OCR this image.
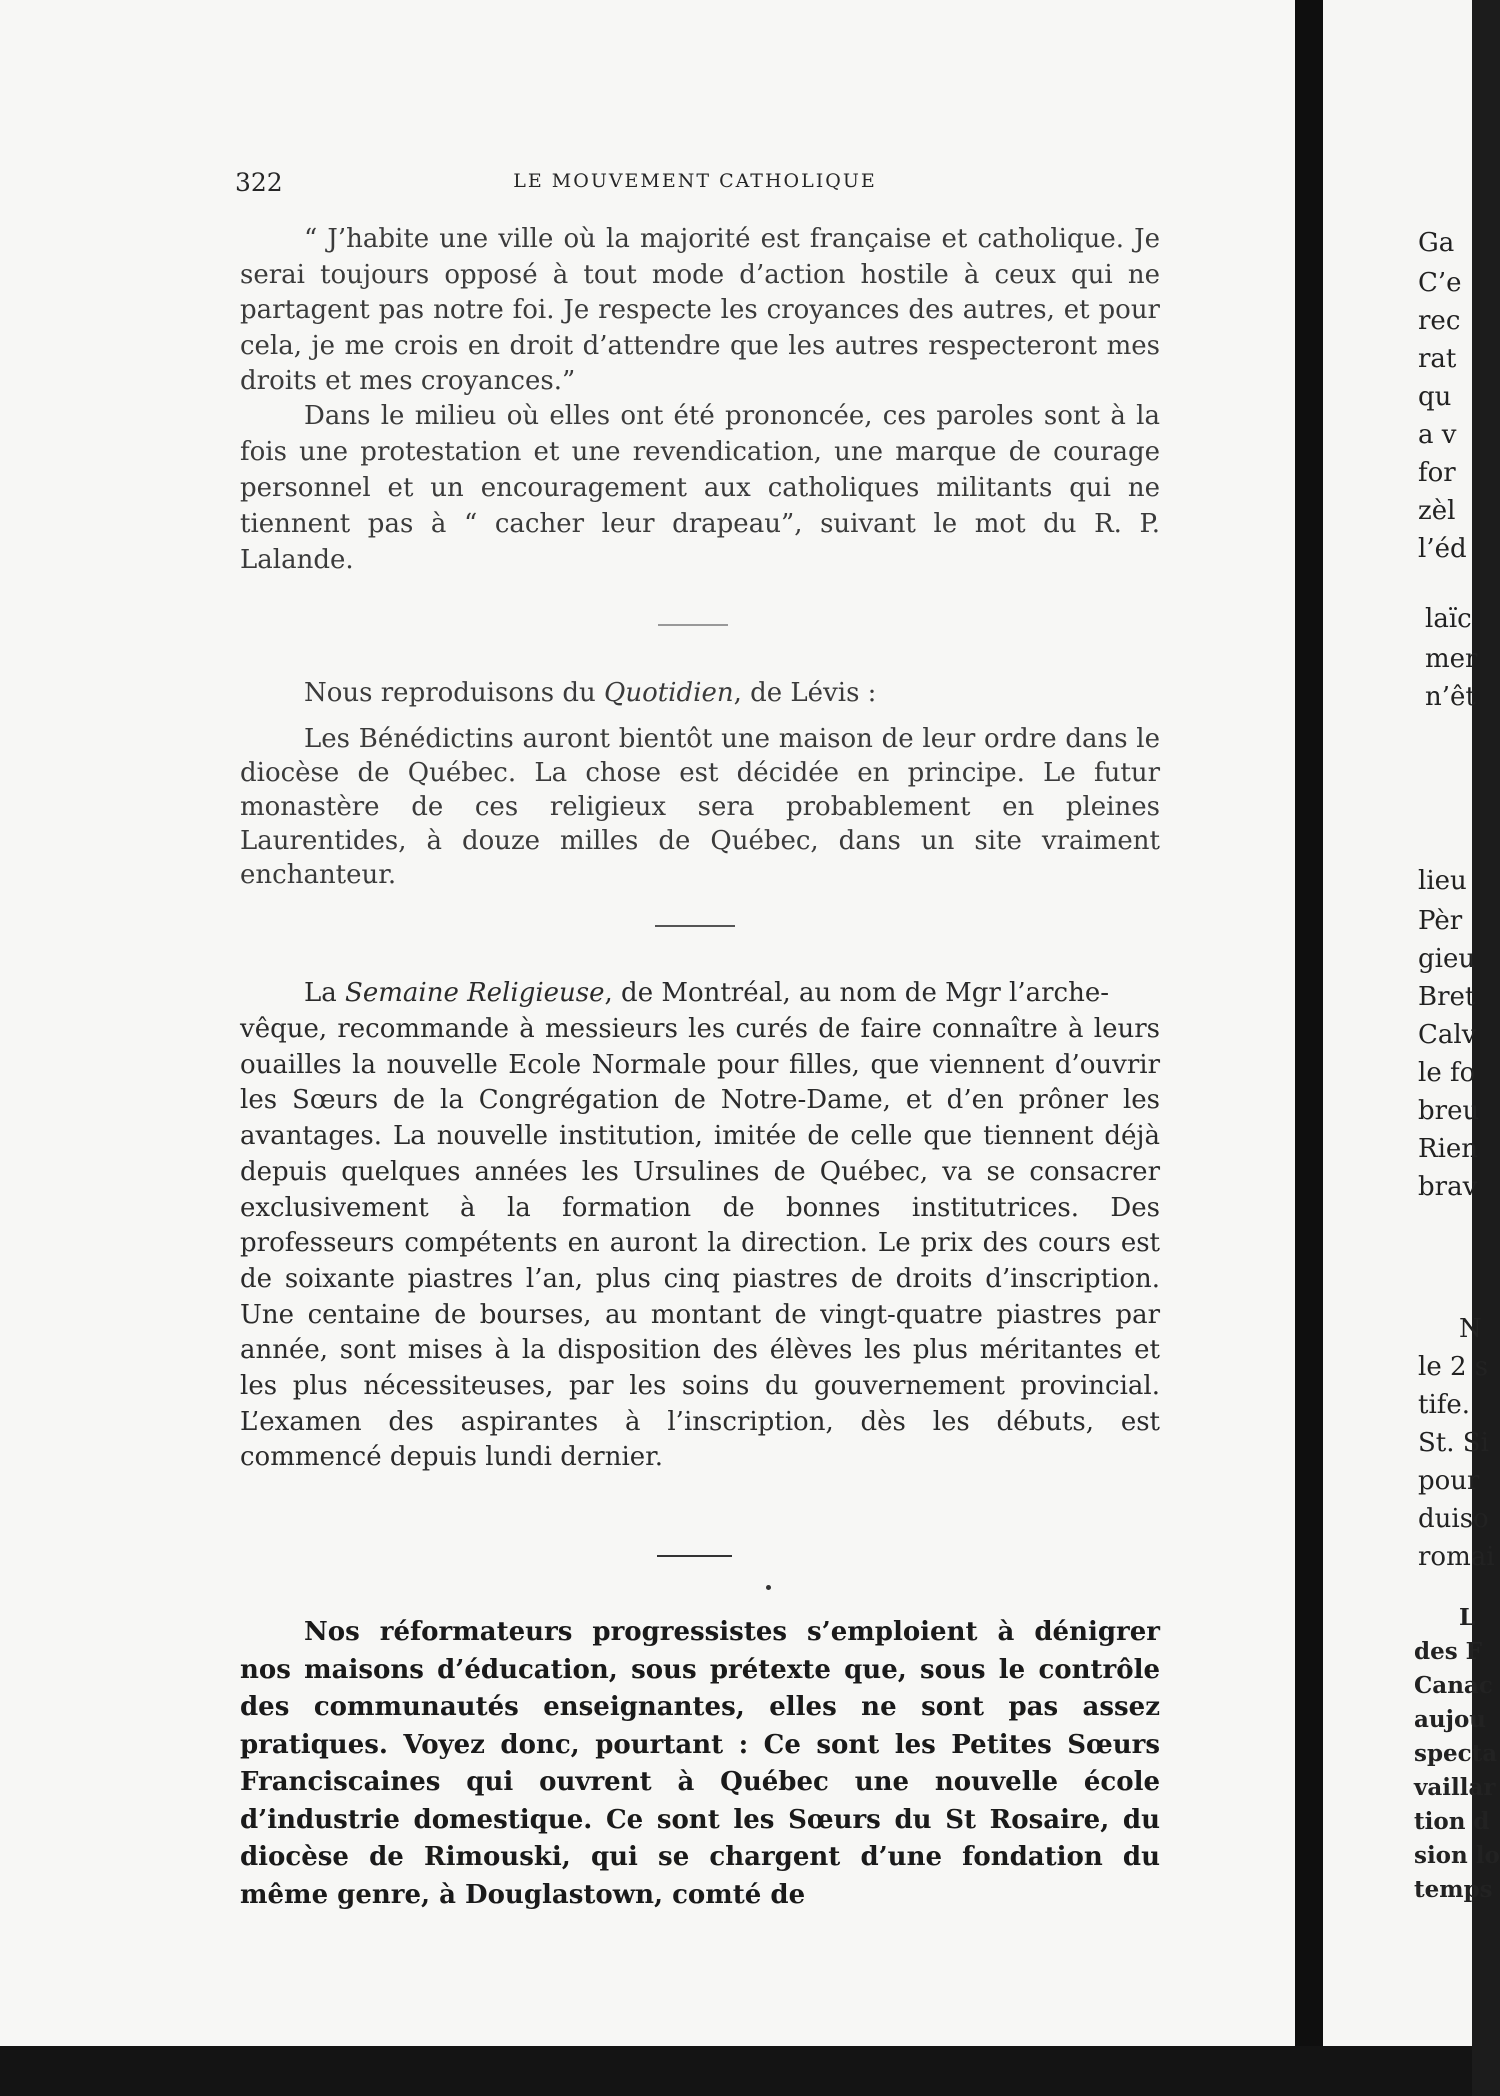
322	LE MOUVEMENT CATHOLIQUE

“ J’habite une ville où la majorité est française et catholique. Je serai toujours opposé à tout mode d’action hostile à ceux qui ne partagent pas notre foi. Je respecte les croyances des autres, et pour cela, je me crois en droit d’attendre que les autres respecteront mes droits et mes croyances.”

Dans le milieu où elles ont été prononcée, ces paroles sont à la fois une protestation et une revendication, une marque de courage personnel et un encouragement aux catholiques militants qui ne tiennent pas à “ cacher leur drapeau”, suivant le mot du R. P. Lalande.

Nous reproduisons du Quotidien, de Lévis :

Les Bénédictins auront bientôt une maison de leur ordre dans le diocèse de Québec. La chose est décidée en principe. Le futur monastère de ces religieux sera probablement en pleines Laurentides, à douze milles de Québec, dans un site vraiment enchanteur.

La Semaine Religieuse, de Montréal, au nom de Mgr l’arche-

vêque, recommande à messieurs les curés de faire connaître à leurs ouailles la nouvelle Ecole Normale pour filles, que viennent d’ouvrir les Sœurs de la Congrégation de Notre-Dame, et d’en prôner les avantages. La nouvelle institution, imitée de celle que tiennent déjà depuis quelques années les Ursulines de Québec, va se consacrer exclusivement à la formation de bonnes institutrices. Des professeurs compétents en auront la direction. Le prix des cours est de soixante piastres l’an, plus cinq piastres de droits d’inscription. Une centaine de bourses, au montant de vingt-quatre piastres par année, sont mises à la disposition des élèves les plus méritantes et les plus nécessiteuses, par les soins du gouvernement provincial. L’examen des aspirantes à l’inscription, dès les débuts, est commencé depuis lundi dernier.

Nos réformateurs progressistes s’emploient à dénigrer nos maisons d’éducation, sous prétexte que, sous le contrôle des communautés enseignantes, elles ne sont pas assez pratiques. Voyez donc, pourtant : Ce sont les Petites Sœurs Franciscaines qui ouvrent à Québec une nouvelle école d’industrie domestique. Ce sont les Sœurs du St Rosaire, du diocèse de Rimouski, qui se chargent d’une fondation du même genre, à Douglastown, comté de

Ga
C’e
rec
rat
qu
a v
for
zèl
l’éd
laïc
mer
n’êt
lieu
Pèr
gieu
Bret
Calv
le fo
breu
Rien
brav
N
le 2 s
tife.
St. Si
pour
duiso
romai
L
des F
Canac
aujou
specta
vaillar
tion d
sion lo
temps
